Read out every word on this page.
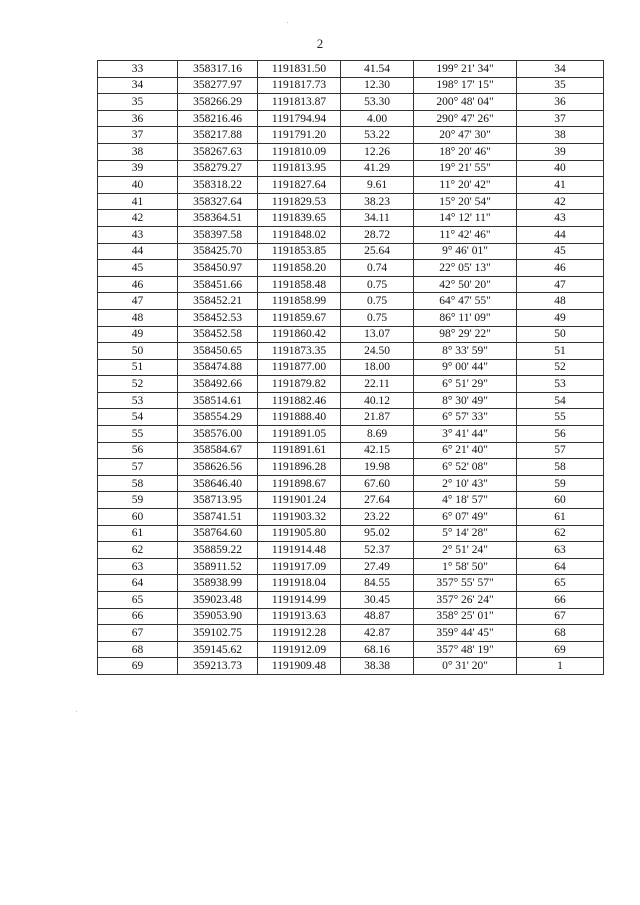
2
33	358317.16	1191831.50	41.54	199° 21' 34"	34
34	358277.97	1191817.73	12.30	198° 17' 15"	35
35	358266.29	1191813.87	53.30	200° 48' 04"	36
36	358216.46	1191794.94	4.00	290° 47' 26"	37
37	358217.88	1191791.20	53.22	20° 47' 30"	38
38	358267.63	1191810.09	12.26	18° 20' 46"	39
39	358279.27	1191813.95	41.29	19° 21' 55"	40
40	358318.22	1191827.64	9.61	11° 20' 42"	41
41	358327.64	1191829.53	38.23	15° 20' 54"	42
42	358364.51	1191839.65	34.11	14° 12' 11"	43
43	358397.58	1191848.02	28.72	11° 42' 46"	44
44	358425.70	1191853.85	25.64	9° 46' 01"	45
45	358450.97	1191858.20	0.74	22° 05' 13"	46
46	358451.66	1191858.48	0.75	42° 50' 20"	47
47	358452.21	1191858.99	0.75	64° 47' 55"	48
48	358452.53	1191859.67	0.75	86° 11' 09"	49
49	358452.58	1191860.42	13.07	98° 29' 22"	50
50	358450.65	1191873.35	24.50	8° 33' 59"	51
51	358474.88	1191877.00	18.00	9° 00' 44"	52
52	358492.66	1191879.82	22.11	6° 51' 29"	53
53	358514.61	1191882.46	40.12	8° 30' 49"	54
54	358554.29	1191888.40	21.87	6° 57' 33"	55
55	358576.00	1191891.05	8.69	3° 41' 44"	56
56	358584.67	1191891.61	42.15	6° 21' 40"	57
57	358626.56	1191896.28	19.98	6° 52' 08"	58
58	358646.40	1191898.67	67.60	2° 10' 43"	59
59	358713.95	1191901.24	27.64	4° 18' 57"	60
60	358741.51	1191903.32	23.22	6° 07' 49"	61
61	358764.60	1191905.80	95.02	5° 14' 28"	62
62	358859.22	1191914.48	52.37	2° 51' 24"	63
63	358911.52	1191917.09	27.49	1° 58' 50"	64
64	358938.99	1191918.04	84.55	357° 55' 57"	65
65	359023.48	1191914.99	30.45	357° 26' 24"	66
66	359053.90	1191913.63	48.87	358° 25' 01"	67
67	359102.75	1191912.28	42.87	359° 44' 45"	68
68	359145.62	1191912.09	68.16	357° 48' 19"	69
69	359213.73	1191909.48	38.38	0° 31' 20"	1
